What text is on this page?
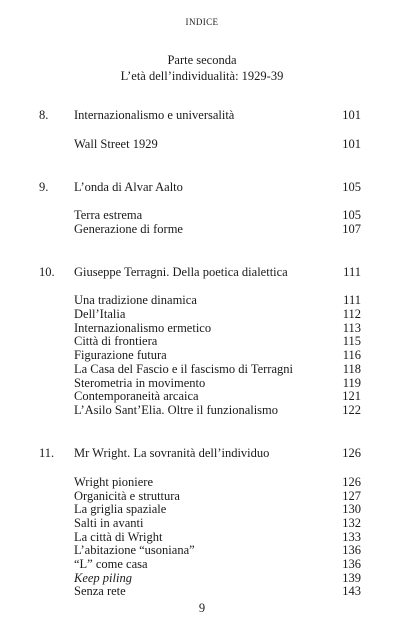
INDICE
Parte seconda
L’età dell’individualità: 1929-39
8. Internazionalismo e universalità	101
Wall Street 1929	101
9. L’onda di Alvar Aalto	105
Terra estrema	105
Generazione di forme	107
10. Giuseppe Terragni. Della poetica dialettica	111
Una tradizione dinamica	111
Dell’Italia	112
Internazionalismo ermetico	113
Città di frontiera	115
Figurazione futura	116
La Casa del Fascio e il fascismo di Terragni	118
Sterometria in movimento	119
Contemporaneità arcaica	121
L’Asilo Sant’Elia. Oltre il funzionalismo	122
11. Mr Wright. La sovranità dell’individuo	126
Wright pioniere	126
Organicità e struttura	127
La griglia spaziale	130
Salti in avanti	132
La città di Wright	133
L’abitazione “usoniana”	136
“L” come casa	136
Keep piling	139
Senza rete	143
9
